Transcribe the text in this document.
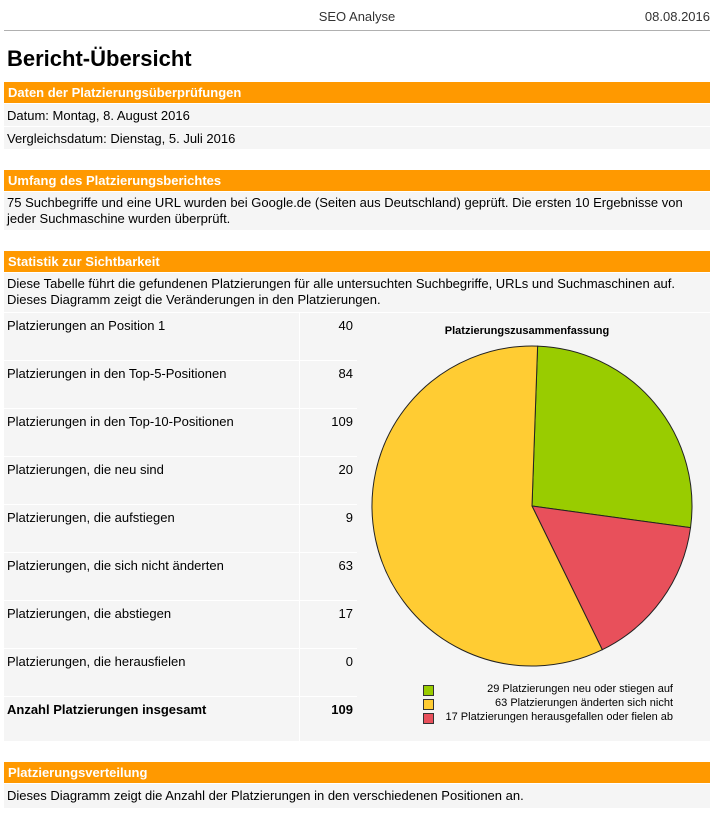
SEO Analyse	08.08.2016
Bericht-Übersicht
Daten der Platzierungsüberprüfungen
Datum: Montag, 8. August 2016
Vergleichsdatum: Dienstag, 5. Juli 2016
Umfang des Platzierungsberichtes
75 Suchbegriffe und eine URL wurden bei Google.de (Seiten aus Deutschland) geprüft. Die ersten 10 Ergebnisse von jeder Suchmaschine wurden überprüft.
Statistik zur Sichtbarkeit
Diese Tabelle führt die gefundenen Platzierungen für alle untersuchten Suchbegriffe, URLs und Suchmaschinen auf. Dieses Diagramm zeigt die Veränderungen in den Platzierungen.
Platzierungen an Position 1	40
Platzierungen in den Top-5-Positionen	84
Platzierungen in den Top-10-Positionen	109
Platzierungen, die neu sind	20
Platzierungen, die aufstiegen	9
Platzierungen, die sich nicht änderten	63
Platzierungen, die abstiegen	17
Platzierungen, die herausfielen	0
Anzahl Platzierungen insgesamt	109
Platzierungszusammenfassung
29 Platzierungen neu oder stiegen auf
63 Platzierungen änderten sich nicht
17 Platzierungen herausgefallen oder fielen ab
Platzierungsverteilung
Dieses Diagramm zeigt die Anzahl der Platzierungen in den verschiedenen Positionen an.
